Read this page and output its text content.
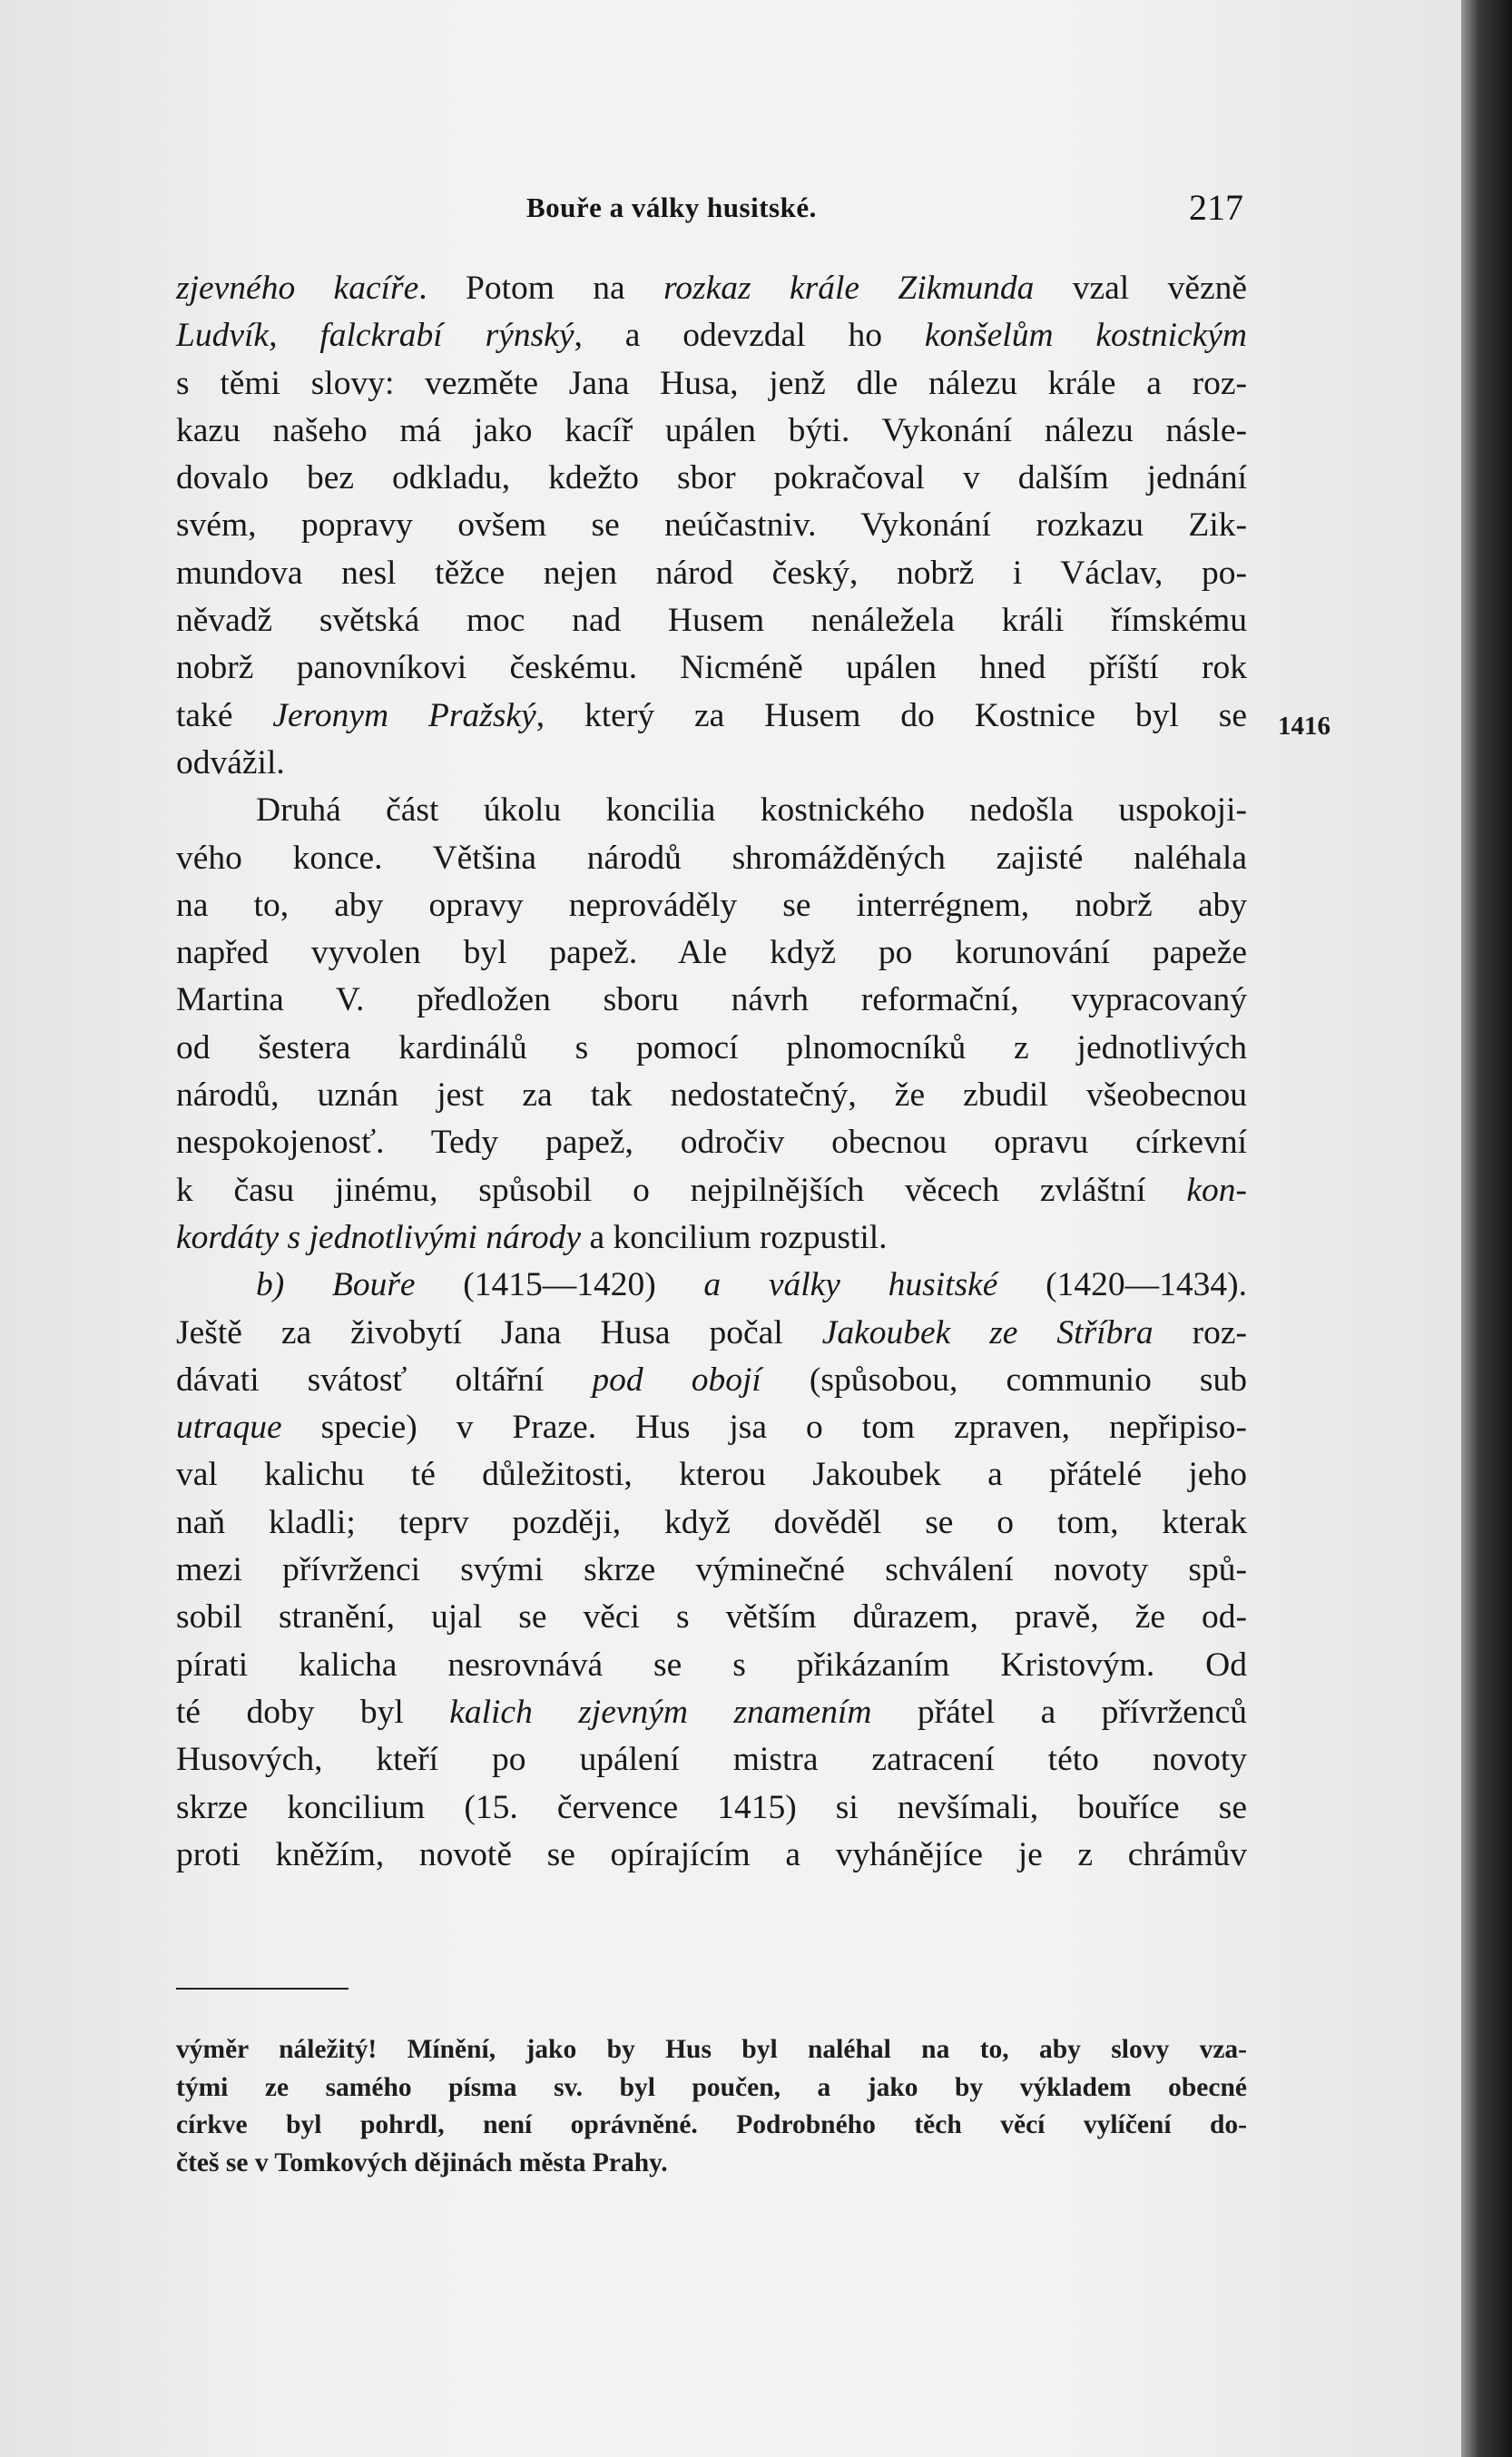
Bouře a války husitské.	217
zjevného kacíře. Potom na rozkaz krále Zikmunda vzal vězně
Ludvík, falckrabí rýnský, a odevzdal ho konšelům kostnickým
s těmi slovy: vezměte Jana Husa, jenž dle nálezu krále a roz-
kazu našeho má jako kacíř upálen býti. Vykonání nálezu násle-
dovalo bez odkladu, kdežto sbor pokračoval v dalším jednání
svém, popravy ovšem se neúčastniv. Vykonání rozkazu Zik-
mundova nesl těžce nejen národ český, nobrž i Václav, po-
něvadž světská moc nad Husem nenáležela králi římskému
nobrž panovníkovi českému. Nicméně upálen hned příští rok
také Jeronym Pražský, který za Husem do Kostnice byl se
odvážil.
Druhá část úkolu koncilia kostnického nedošla uspokoji-
vého konce. Většina národů shromážděných zajisté naléhala
na to, aby opravy neprováděly se interrégnem, nobrž aby
napřed vyvolen byl papež. Ale když po korunování papeže
Martina V. předložen sboru návrh reformační, vypracovaný
od šestera kardinálů s pomocí plnomocníků z jednotlivých
národů, uznán jest za tak nedostatečný, že zbudil všeobecnou
nespokojenosť. Tedy papež, odročiv obecnou opravu církevní
k času jinému, spůsobil o nejpilnějších věcech zvláštní kon-
kordáty s jednotlivými národy a koncilium rozpustil.
b) Bouře (1415—1420) a války husitské (1420—1434).
Ještě za živobytí Jana Husa počal Jakoubek ze Stříbra roz-
dávati svátosť oltářní pod obojí (spůsobou, communio sub
utraque specie) v Praze. Hus jsa o tom zpraven, nepřipiso-
val kalichu té důležitosti, kterou Jakoubek a přátelé jeho
naň kladli; teprv později, když dověděl se o tom, kterak
mezi přívrženci svými skrze výminečné schválení novoty spů-
sobil stranění, ujal se věci s větším důrazem, pravě, že od-
pírati kalicha nesrovnává se s přikázaním Kristovým. Od
té doby byl kalich zjevným znamením přátel a přívrženců
Husových, kteří po upálení mistra zatracení této novoty
skrze koncilium (15. července 1415) si nevšímali, bouříce se
proti kněžím, novotě se opírajícím a vyhánějíce je z chrámův
1416
výměr náležitý! Mínění, jako by Hus byl naléhal na to, aby slovy vza-
tými ze samého písma sv. byl poučen, a jako by výkladem obecné
církve byl pohrdl, není oprávněné. Podrobného těch věcí vylíčení do-
čteš se v Tomkových dějinách města Prahy.
